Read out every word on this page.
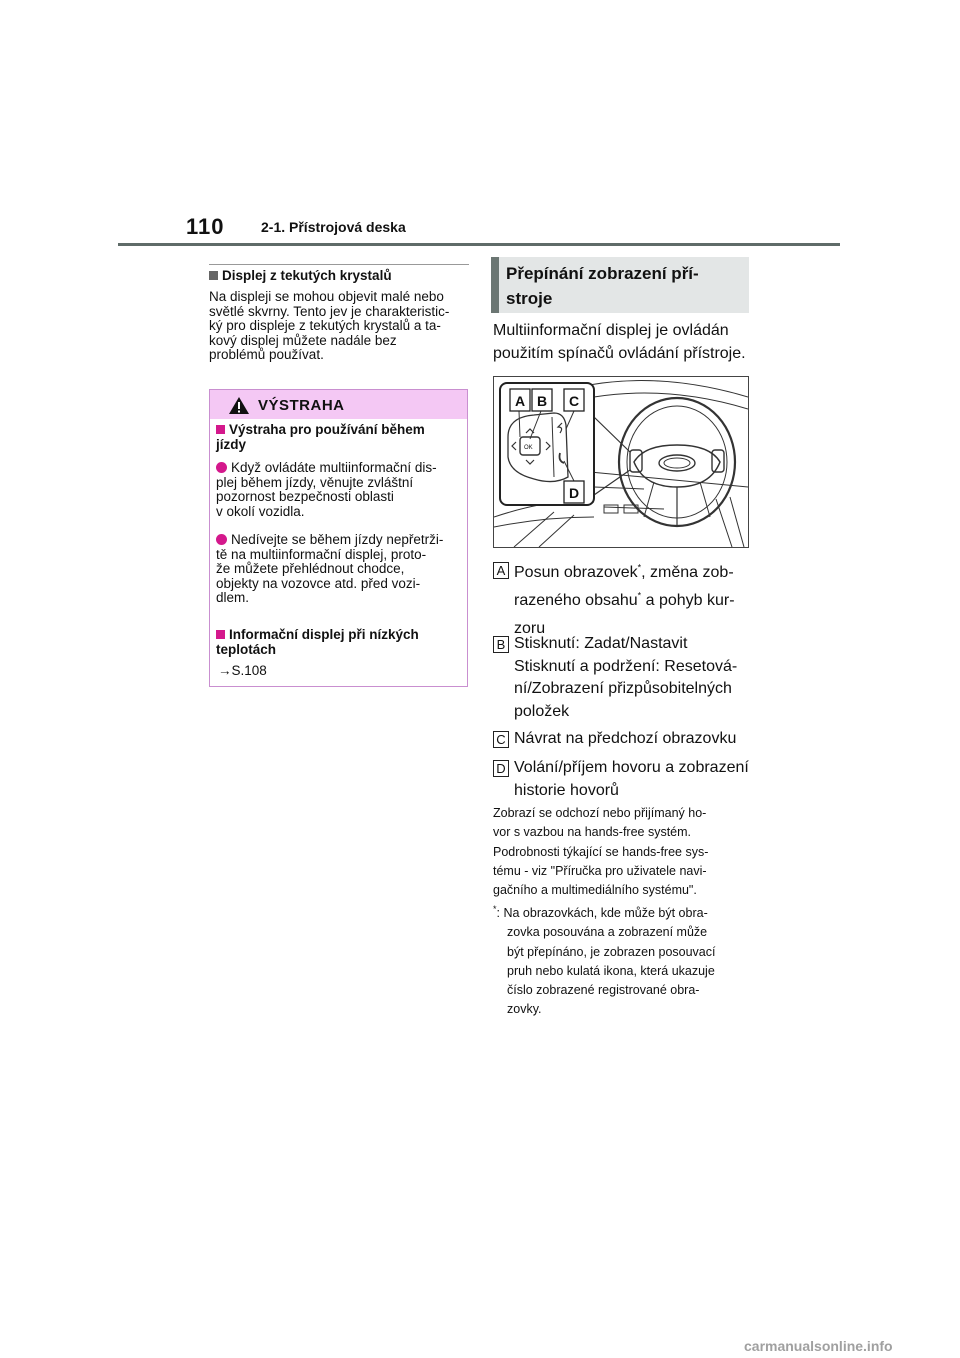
110	2-1. Přístrojová deska
Displej z tekutých krystalů
Na displeji se mohou objevit malé nebo
světlé skvrny. Tento jev je charakteristic-
ký pro displeje z tekutých krystalů a ta-
kový displej můžete nadále bez
problémů používat.
VÝSTRAHA
Výstraha pro používání během
jízdy
Když ovládáte multiinformační dis-
plej během jízdy, věnujte zvláštní
pozornost bezpečnosti oblasti
v okolí vozidla.
Nedívejte se během jízdy nepřetrži-
tě na multiinformační displej, proto-
že můžete přehlédnout chodce,
objekty na vozovce atd. před vozi-
dlem.
Informační displej při nízkých
teplotách
→S.108
Přepínání zobrazení pří-
stroje
Multiinformační displej je ovládán
použitím spínačů ovládání přístroje.
A B C
D
OK
A Posun obrazovek*, změna zob-
razeného obsahu* a pohyb kur-
zoru
B Stisknutí: Zadat/Nastavit
Stisknutí a podržení: Resetová-
ní/Zobrazení přizpůsobitelných
položek
C Návrat na předchozí obrazovku
D Volání/příjem hovoru a zobrazení
historie hovorů
Zobrazí se odchozí nebo přijímaný ho-
vor s vazbou na hands-free systém.
Podrobnosti týkající se hands-free sys-
tému - viz "Příručka pro uživatele navi-
gačního a multimediálního systému".
*: Na obrazovkách, kde může být obra-
zovka posouvána a zobrazení může
být přepínáno, je zobrazen posouvací
pruh nebo kulatá ikona, která ukazuje
číslo zobrazené registrované obra-
zovky.
carmanualsonline.info
